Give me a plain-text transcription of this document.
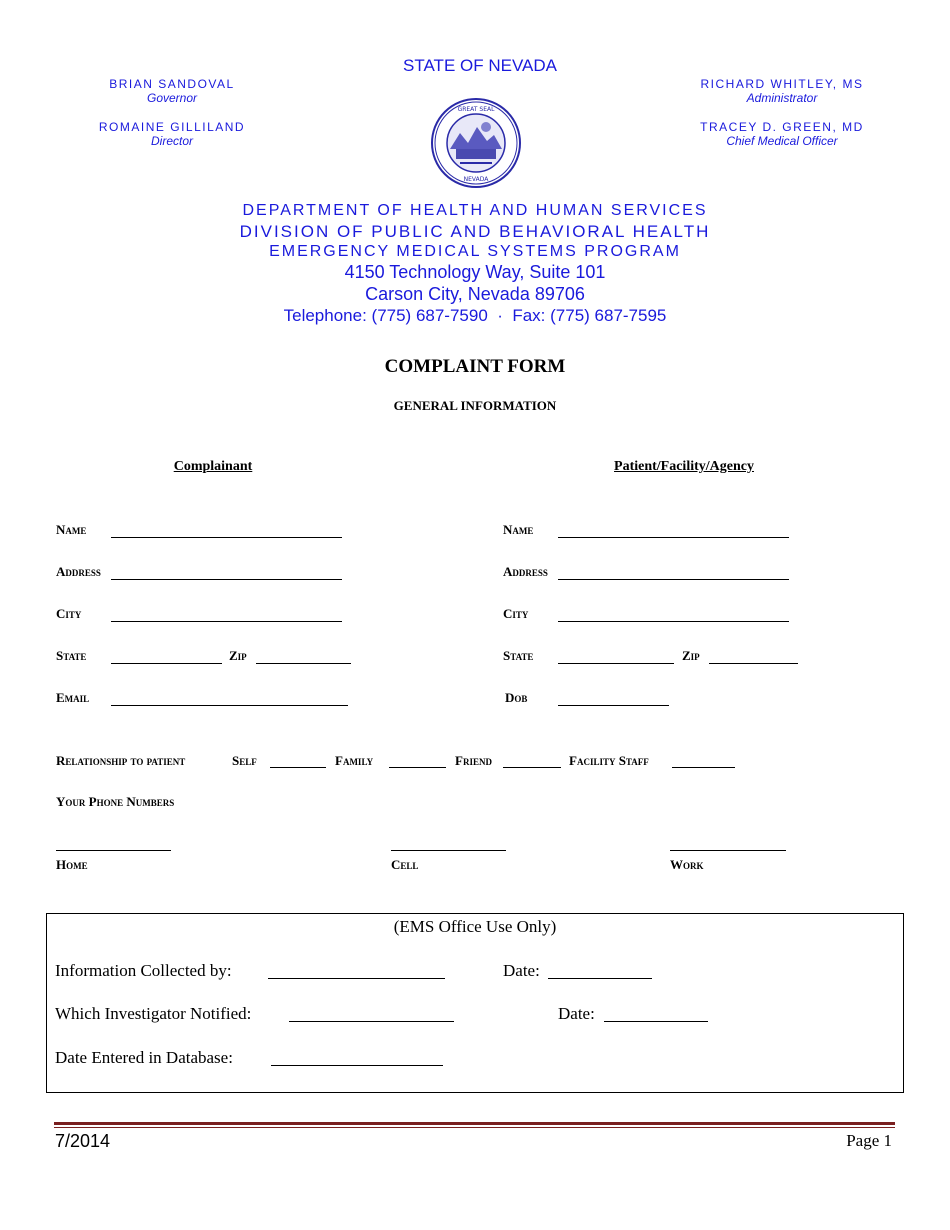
STATE OF NEVADA
BRIAN SANDOVAL
Governor
ROMAINE GILLILAND
Director
RICHARD WHITLEY, MS
Administrator
TRACEY D. GREEN, MD
Chief Medical Officer
GREAT SEAL
NEVADA
DEPARTMENT OF HEALTH AND HUMAN SERVICES
DIVISION OF PUBLIC AND BEHAVIORAL HEALTH
EMERGENCY MEDICAL SYSTEMS PROGRAM
4150 Technology Way, Suite 101
Carson City, Nevada 89706
Telephone: (775) 687-7590  ·  Fax: (775) 687-7595
COMPLAINT FORM
GENERAL INFORMATION
Complainant	Patient/Facility/Agency
Name
Address
City
State	Zip
Email
Name
Address
City
State	Zip
Dob
Relationship to patient	Self	Family	Friend	Facility Staff
Your Phone Numbers
Home	Cell	Work
(EMS Office Use Only)
Information Collected by:	Date:
Which Investigator Notified:	Date:
Date Entered in Database:
7/2014	Page 1
